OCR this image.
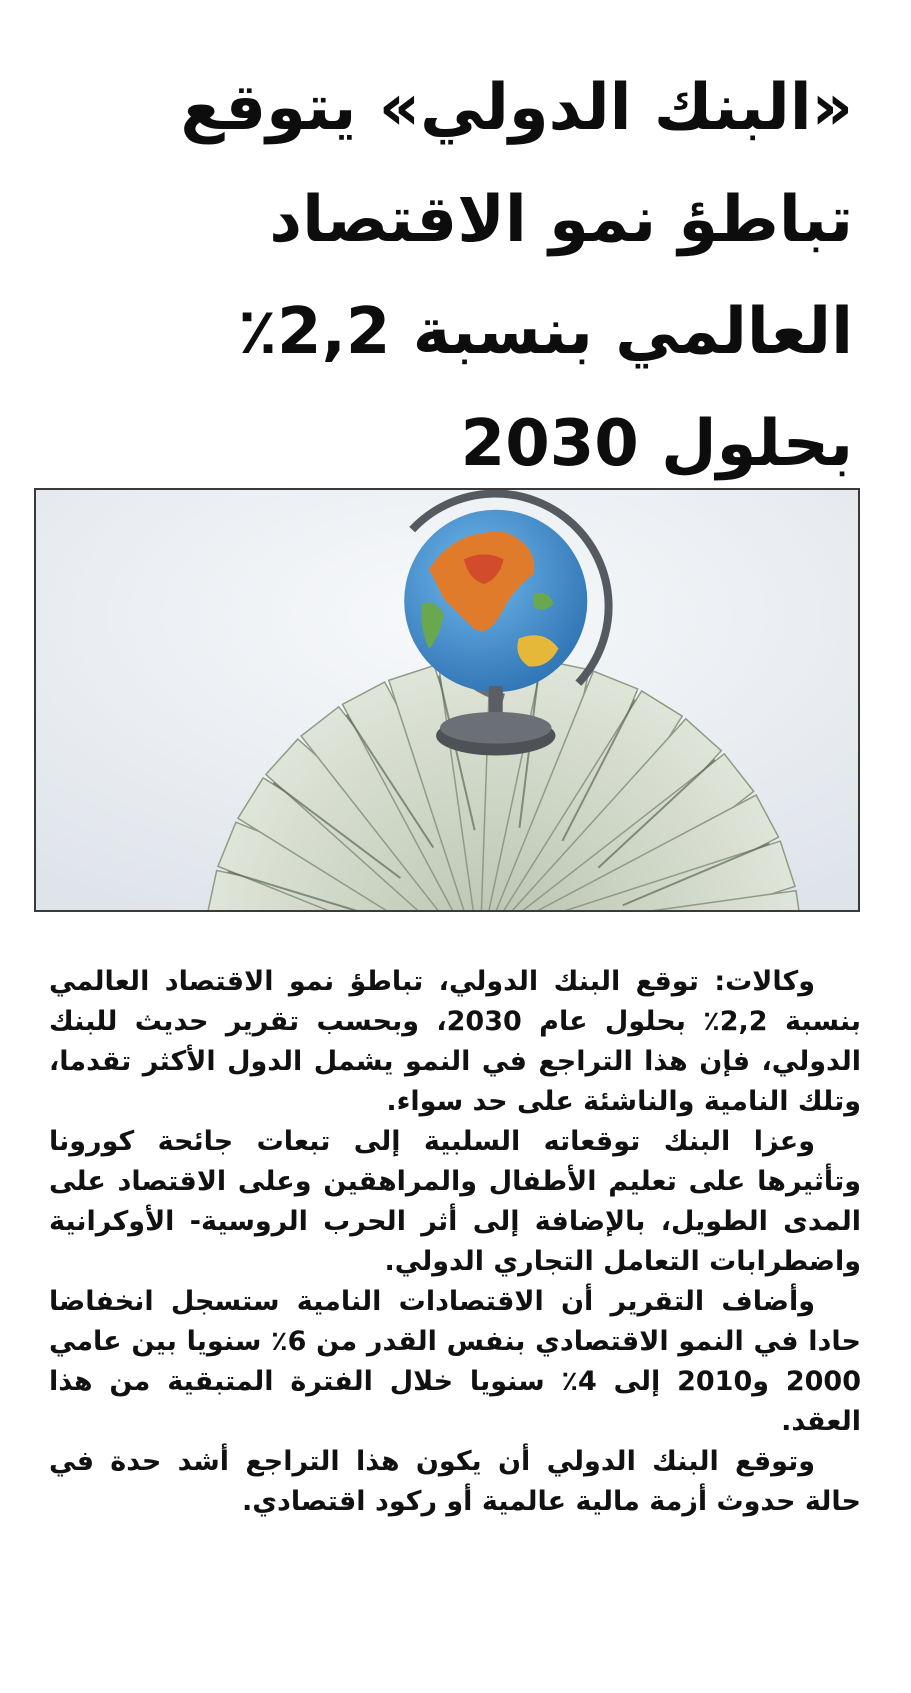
«البنك الدولي» يتوقع تباطؤ نمو الاقتصاد العالمي بنسبة 2,2٪ بحلول 2030

وكالات: توقع البنك الدولي، تباطؤ نمو الاقتصاد العالمي بنسبة 2,2٪ بحلول عام 2030، وبحسب تقرير حديث للبنك الدولي، فإن هذا التراجع في النمو يشمل الدول الأكثر تقدما، وتلك النامية والناشئة على حد سواء.

وعزا البنك توقعاته السلبية إلى تبعات جائحة كورونا وتأثيرها على تعليم الأطفال والمراهقين وعلى الاقتصاد على المدى الطويل، بالإضافة إلى أثر الحرب الروسية- الأوكرانية واضطرابات التعامل التجاري الدولي.

وأضاف التقرير أن الاقتصادات النامية ستسجل انخفاضا حادا في النمو الاقتصادي بنفس القدر من 6٪ سنويا بين عامي 2000 و2010 إلى 4٪ سنويا خلال الفترة المتبقية من هذا العقد.

وتوقع البنك الدولي أن يكون هذا التراجع أشد حدة في حالة حدوث أزمة مالية عالمية أو ركود اقتصادي.
